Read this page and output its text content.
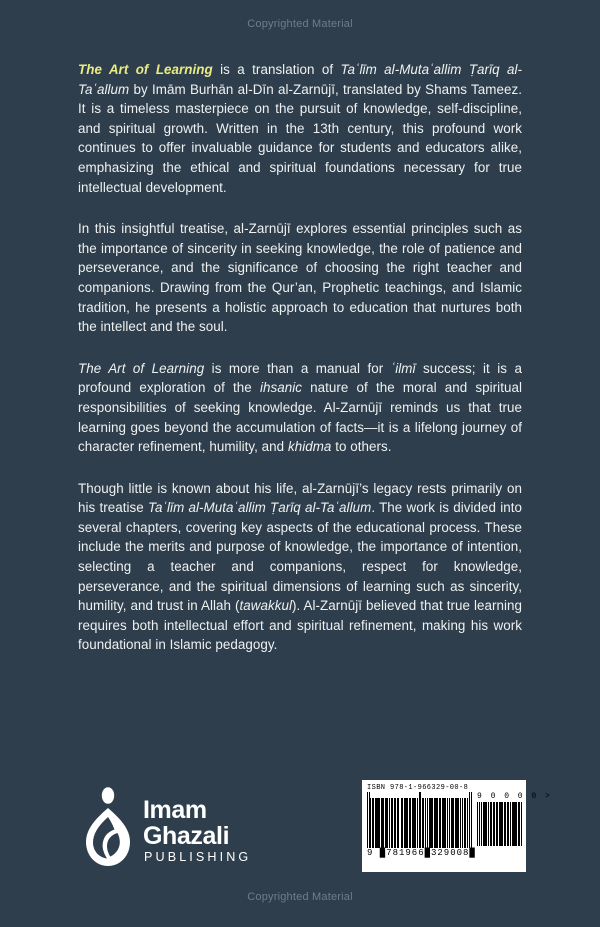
Copyrighted Material

The Art of Learning is a translation of Taʿlīm al-Mutaʿallim Ṭarīq al-Taʿallum by Imām Burhān al-Dīn al-Zarnūjī, translated by Shams Tameez. It is a timeless masterpiece on the pursuit of knowledge, self-discipline, and spiritual growth. Written in the 13th century, this profound work continues to offer invaluable guidance for students and educators alike, emphasizing the ethical and spiritual foundations necessary for true intellectual development.

In this insightful treatise, al-Zarnūjī explores essential principles such as the importance of sincerity in seeking knowledge, the role of patience and perseverance, and the significance of choosing the right teacher and companions. Drawing from the Qur’an, Prophetic teachings, and Islamic tradition, he presents a holistic approach to education that nurtures both the intellect and the soul.

The Art of Learning is more than a manual for ʿilmī success; it is a profound exploration of the ihsanic nature of the moral and spiritual responsibilities of seeking knowledge. Al-Zarnūjī reminds us that true learning goes beyond the accumulation of facts—it is a lifelong journey of character refinement, humility, and khidma to others.

Though little is known about his life, al-Zarnūjī’s legacy rests primarily on his treatise Taʿlīm al-Mutaʿallim Ṭarīq al-Taʿallum. The work is divided into several chapters, covering key aspects of the educational process. These include the merits and purpose of knowledge, the importance of intention, selecting a teacher and companions, respect for knowledge, perseverance, and the spiritual dimensions of learning such as sincerity, humility, and trust in Allah (tawakkul). Al-Zarnūjī believed that true learning requires both intellectual effort and spiritual refinement, making his work foundational in Islamic pedagogy.

Imam
Ghazali
PUBLISHING
ISBN 978-1-966329-00-8
9 █781966█329008█
9 0 0 0 0 >
Copyrighted Material
